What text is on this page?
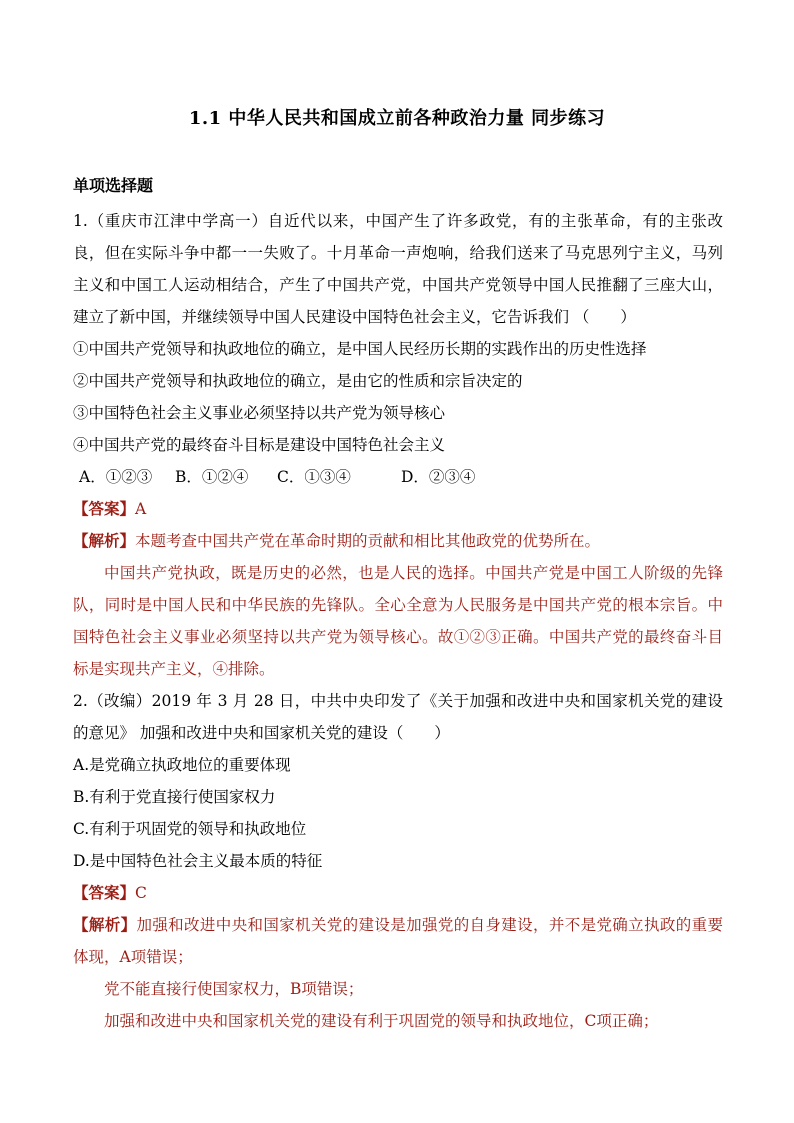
1.1 中华人民共和国成立前各种政治力量 同步练习
单项选择题

1.（重庆市江津中学高一）自近代以来，中国产生了许多政党，有的主张革命，有的主张改良，但在实际斗争中都一一失败了。十月革命一声炮响，给我们送来了马克思列宁主义，马列主义和中国工人运动相结合，产生了中国共产党，中国共产党领导中国人民推翻了三座大山，建立了新中国，并继续领导中国人民建设中国特色社会主义，它告诉我们 （　　）

①中国共产党领导和执政地位的确立，是中国人民经历长期的实践作出的历史性选择

②中国共产党领导和执政地位的确立，是由它的性质和宗旨决定的

③中国特色社会主义事业必须坚持以共产党为领导核心

④中国共产党的最终奋斗目标是建设中国特色社会主义

A．①②③ B．①②④ C．①③④	D．②③④

【答案】A

【解析】本题考查中国共产党在革命时期的贡献和相比其他政党的优势所在。

中国共产党执政，既是历史的必然，也是人民的选择。中国共产党是中国工人阶级的先锋队，同时是中国人民和中华民族的先锋队。全心全意为人民服务是中国共产党的根本宗旨。中国特色社会主义事业必须坚持以共产党为领导核心。故①②③正确。中国共产党的最终奋斗目标是实现共产主义，④排除。

2.（改编）2019 年 3 月 28 日，中共中央印发了《关于加强和改进中央和国家机关党的建设的意见》 加强和改进中央和国家机关党的建设（　　）

A.是党确立执政地位的重要体现

B.有利于党直接行使国家权力

C.有利于巩固党的领导和执政地位

D.是中国特色社会主义最本质的特征

【答案】C

【解析】加强和改进中央和国家机关党的建设是加强党的自身建设，并不是党确立执政的重要体现，A项错误；

党不能直接行使国家权力，B项错误；

加强和改进中央和国家机关党的建设有利于巩固党的领导和执政地位，C项正确；
